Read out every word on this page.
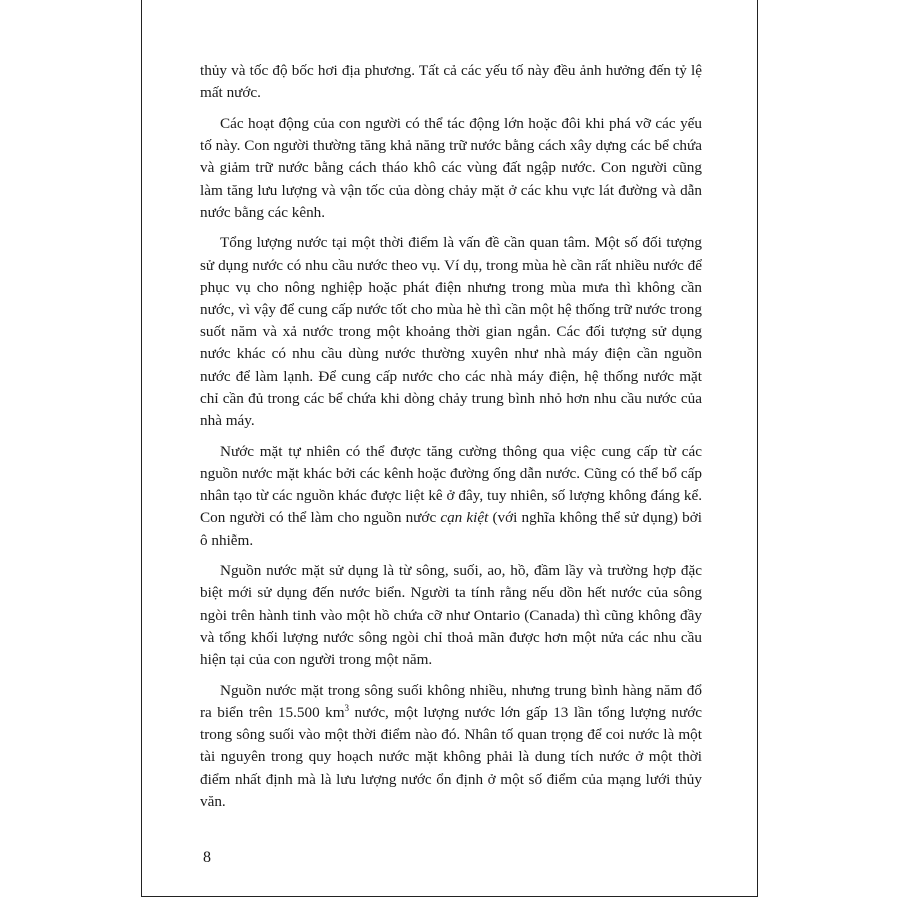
thủy và tốc độ bốc hơi địa phương. Tất cả các yếu tố này đều ảnh hưởng đến tỷ lệ mất nước.

Các hoạt động của con người có thể tác động lớn hoặc đôi khi phá vỡ các yếu tố này. Con người thường tăng khả năng trữ nước bằng cách xây dựng các bể chứa và giảm trữ nước bằng cách tháo khô các vùng đất ngập nước. Con người cũng làm tăng lưu lượng và vận tốc của dòng chảy mặt ở các khu vực lát đường và dẫn nước bằng các kênh.

Tổng lượng nước tại một thời điểm là vấn đề cần quan tâm. Một số đối tượng sử dụng nước có nhu cầu nước theo vụ. Ví dụ, trong mùa hè cần rất nhiều nước để phục vụ cho nông nghiệp hoặc phát điện nhưng trong mùa mưa thì không cần nước, vì vậy để cung cấp nước tốt cho mùa hè thì cần một hệ thống trữ nước trong suốt năm và xả nước trong một khoảng thời gian ngắn. Các đối tượng sử dụng nước khác có nhu cầu dùng nước thường xuyên như nhà máy điện cần nguồn nước để làm lạnh. Để cung cấp nước cho các nhà máy điện, hệ thống nước mặt chỉ cần đủ trong các bể chứa khi dòng chảy trung bình nhỏ hơn nhu cầu nước của nhà máy.

Nước mặt tự nhiên có thể được tăng cường thông qua việc cung cấp từ các nguồn nước mặt khác bởi các kênh hoặc đường ống dẫn nước. Cũng có thể bổ cấp nhân tạo từ các nguồn khác được liệt kê ở đây, tuy nhiên, số lượng không đáng kể. Con người có thể làm cho nguồn nước cạn kiệt (với nghĩa không thể sử dụng) bởi ô nhiễm.

Nguồn nước mặt sử dụng là từ sông, suối, ao, hồ, đầm lầy và trường hợp đặc biệt mới sử dụng đến nước biển. Người ta tính rằng nếu dồn hết nước của sông ngòi trên hành tinh vào một hồ chứa cỡ như Ontario (Canada) thì cũng không đầy và tổng khối lượng nước sông ngòi chỉ thoả mãn được hơn một nửa các nhu cầu hiện tại của con người trong một năm.

Nguồn nước mặt trong sông suối không nhiều, nhưng trung bình hàng năm đổ ra biển trên 15.500 $km^3$ nước, một lượng nước lớn gấp 13 lần tổng lượng nước trong sông suối vào một thời điểm nào đó. Nhân tố quan trọng để coi nước là một tài nguyên trong quy hoạch nước mặt không phải là dung tích nước ở một thời điểm nhất định mà là lưu lượng nước ổn định ở một số điểm của mạng lưới thủy văn.

8
